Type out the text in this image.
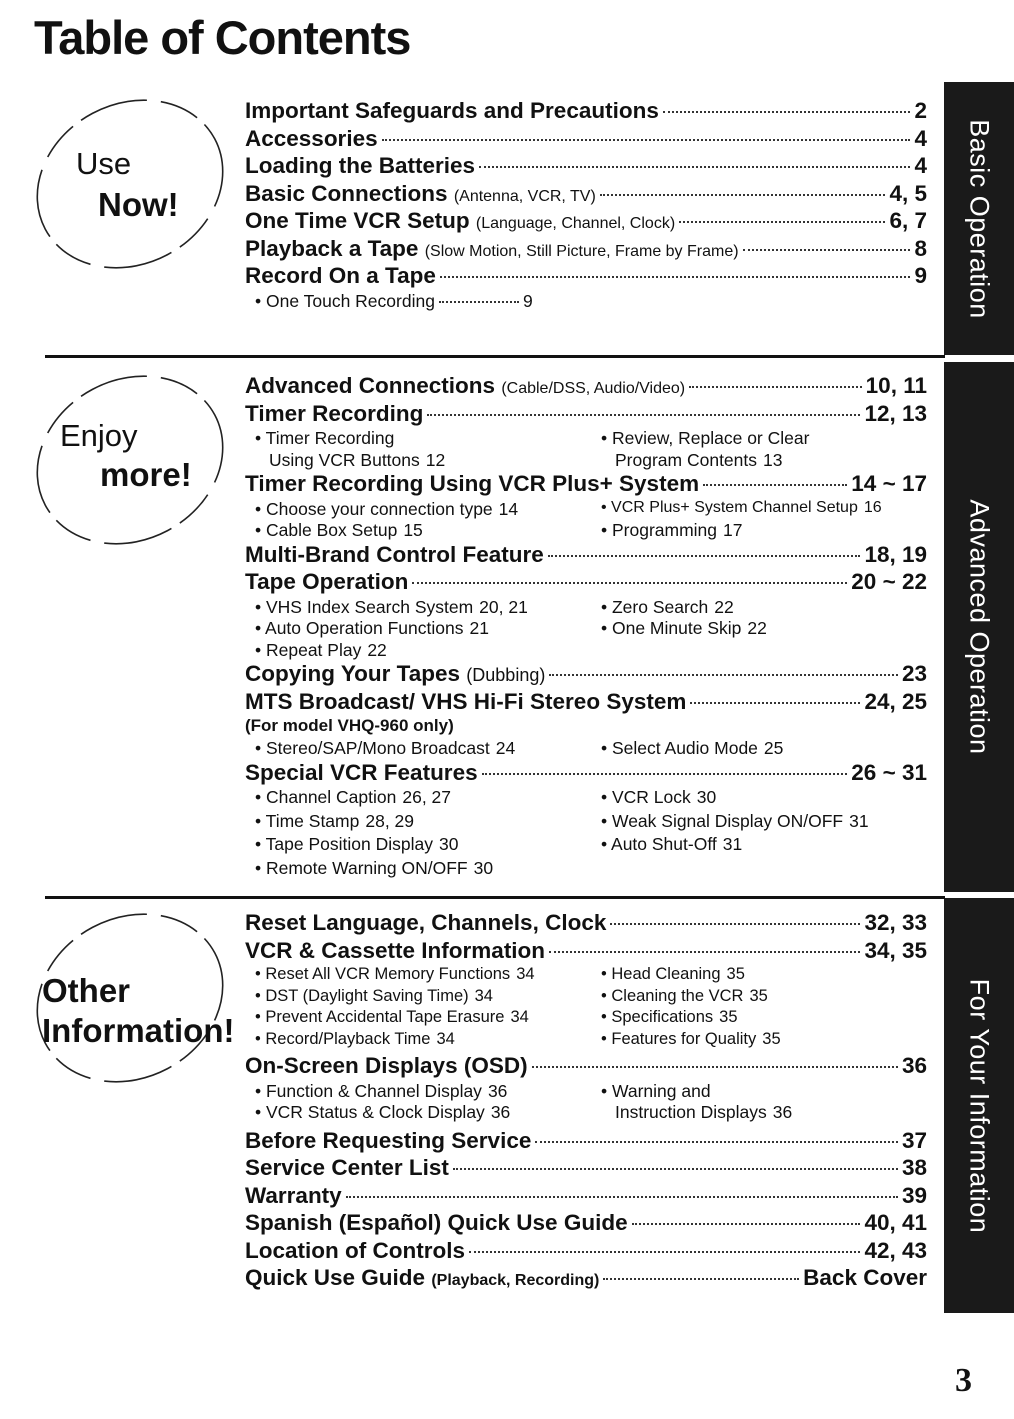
Table of Contents
Basic Operation
Advanced Operation
For Your Information
Use
Now!
Enjoy
more!
Other
Information!
Important Safeguards and Precautions	2
Accessories	4
Loading the Batteries	4
Basic Connections
(Antenna, VCR, TV)	4, 5
One Time VCR Setup
(Language, Channel, Clock)	6, 7
Playback a Tape
(Slow Motion, Still Picture, Frame by Frame)	8
Record On a Tape	9
• One Touch Recording	9
Advanced Connections
(Cable/DSS, Audio/Video)	10, 11
Timer Recording	12, 13
• Timer Recording	• Review, Replace or Clear
Using VCR Buttons 12	Program Contents 13
Timer Recording Using VCR Plus+ System	14 ~ 17
• Choose your connection type 14	• VCR Plus+ System Channel Setup 16
• Cable Box Setup 15	• Programming 17
Multi-Brand Control Feature	18, 19
Tape Operation	20 ~ 22
• VHS Index Search System 20, 21	• Zero Search 22
• Auto Operation Functions 21	• One Minute Skip 22
• Repeat Play 22
Copying Your Tapes
(Dubbing)	23
MTS Broadcast/ VHS Hi-Fi Stereo System	24, 25
(For model VHQ-960 only)
• Stereo/SAP/Mono Broadcast 24	• Select Audio Mode 25
Special VCR Features	26 ~ 31
• Channel Caption 26, 27	• VCR Lock 30
• Time Stamp 28, 29	• Weak Signal Display ON/OFF 31
• Tape Position Display 30	• Auto Shut-Off 31
• Remote Warning ON/OFF 30
Reset Language, Channels, Clock	32, 33
VCR & Cassette Information	34, 35
• Reset All VCR Memory Functions 34	• Head Cleaning 35
• DST (Daylight Saving Time) 34	• Cleaning the VCR 35
• Prevent Accidental Tape Erasure 34	• Specifications 35
• Record/Playback Time 34	• Features for Quality 35
On-Screen Displays (OSD)	36
• Function & Channel Display 36	• Warning and
• VCR Status & Clock Display 36	Instruction Displays 36
Before Requesting Service	37
Service Center List	38
Warranty	39
Spanish (Español) Quick Use Guide	40, 41
Location of Controls	42, 43
Quick Use Guide
(Playback, Recording)	Back Cover
3
